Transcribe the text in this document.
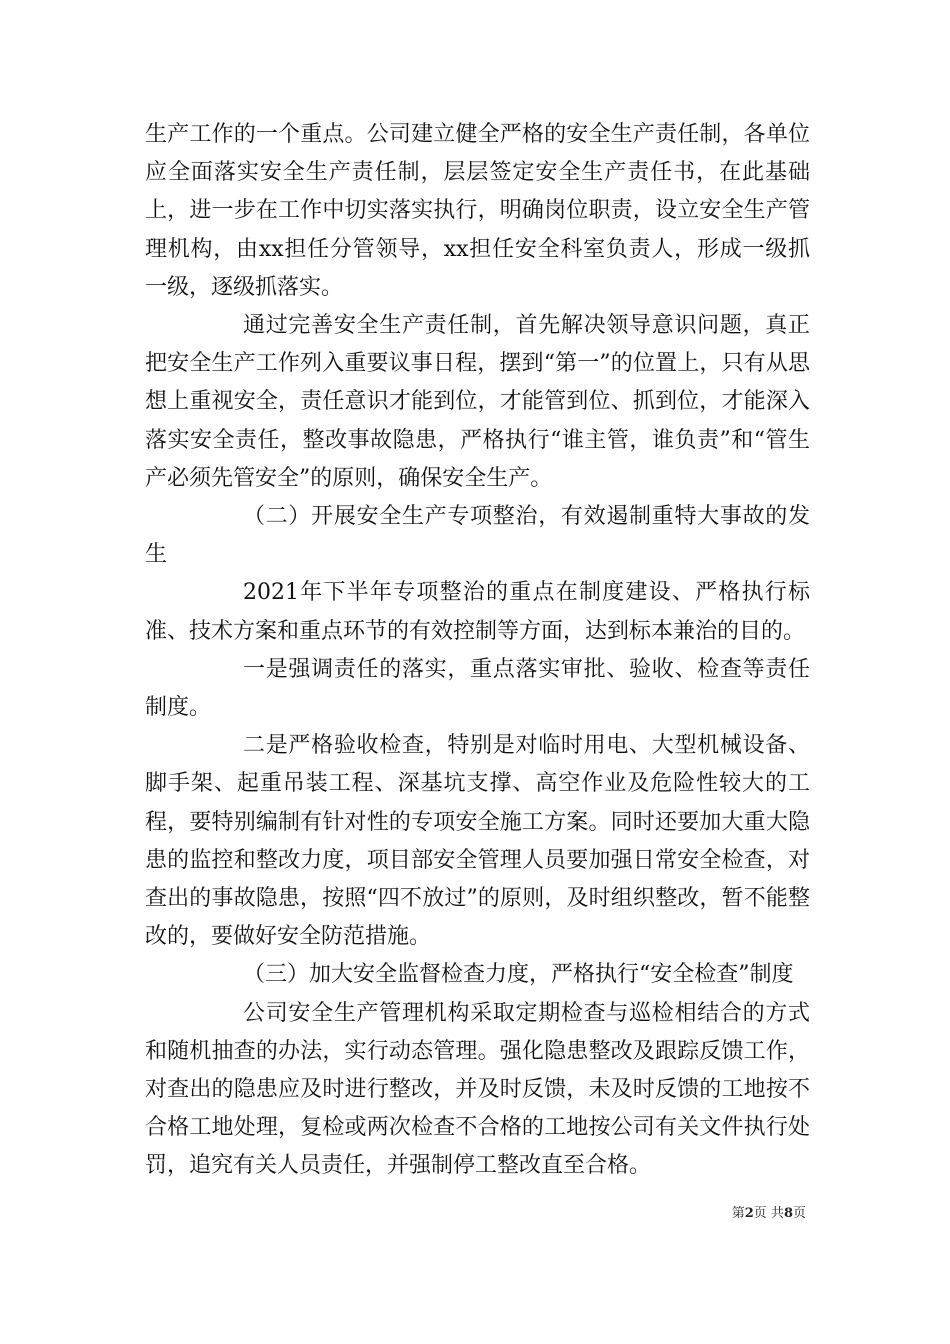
生产工作的一个重点。公司建立健全严格的安全生产责任制，各单位应全面落实安全生产责任制，层层签定安全生产责任书，在此基础上，进一步在工作中切实落实执行，明确岗位职责，设立安全生产管理机构，由xx担任分管领导，xx担任安全科室负责人，形成一级抓一级，逐级抓落实。

通过完善安全生产责任制，首先解决领导意识问题，真正把安全生产工作列入重要议事日程，摆到“第一”的位置上，只有从思想上重视安全，责任意识才能到位，才能管到位、抓到位，才能深入落实安全责任，整改事故隐患，严格执行“谁主管，谁负责”和“管生产必须先管安全”的原则，确保安全生产。

（二）开展安全生产专项整治，有效遏制重特大事故的发生

2021年下半年专项整治的重点在制度建设、严格执行标准、技术方案和重点环节的有效控制等方面，达到标本兼治的目的。

一是强调责任的落实，重点落实审批、验收、检查等责任制度。

二是严格验收检查，特别是对临时用电、大型机械设备、脚手架、起重吊装工程、深基坑支撑、高空作业及危险性较大的工程，要特别编制有针对性的专项安全施工方案。同时还要加大重大隐患的监控和整改力度，项目部安全管理人员要加强日常安全检查，对查出的事故隐患，按照“四不放过”的原则，及时组织整改，暂不能整改的，要做好安全防范措施。

（三）加大安全监督检查力度，严格执行“安全检查”制度

公司安全生产管理机构采取定期检查与巡检相结合的方式和随机抽查的办法，实行动态管理。强化隐患整改及跟踪反馈工作，对查出的隐患应及时进行整改，并及时反馈，未及时反馈的工地按不合格工地处理，复检或两次检查不合格的工地按公司有关文件执行处罚，追究有关人员责任，并强制停工整改直至合格。

第2页 共8页
